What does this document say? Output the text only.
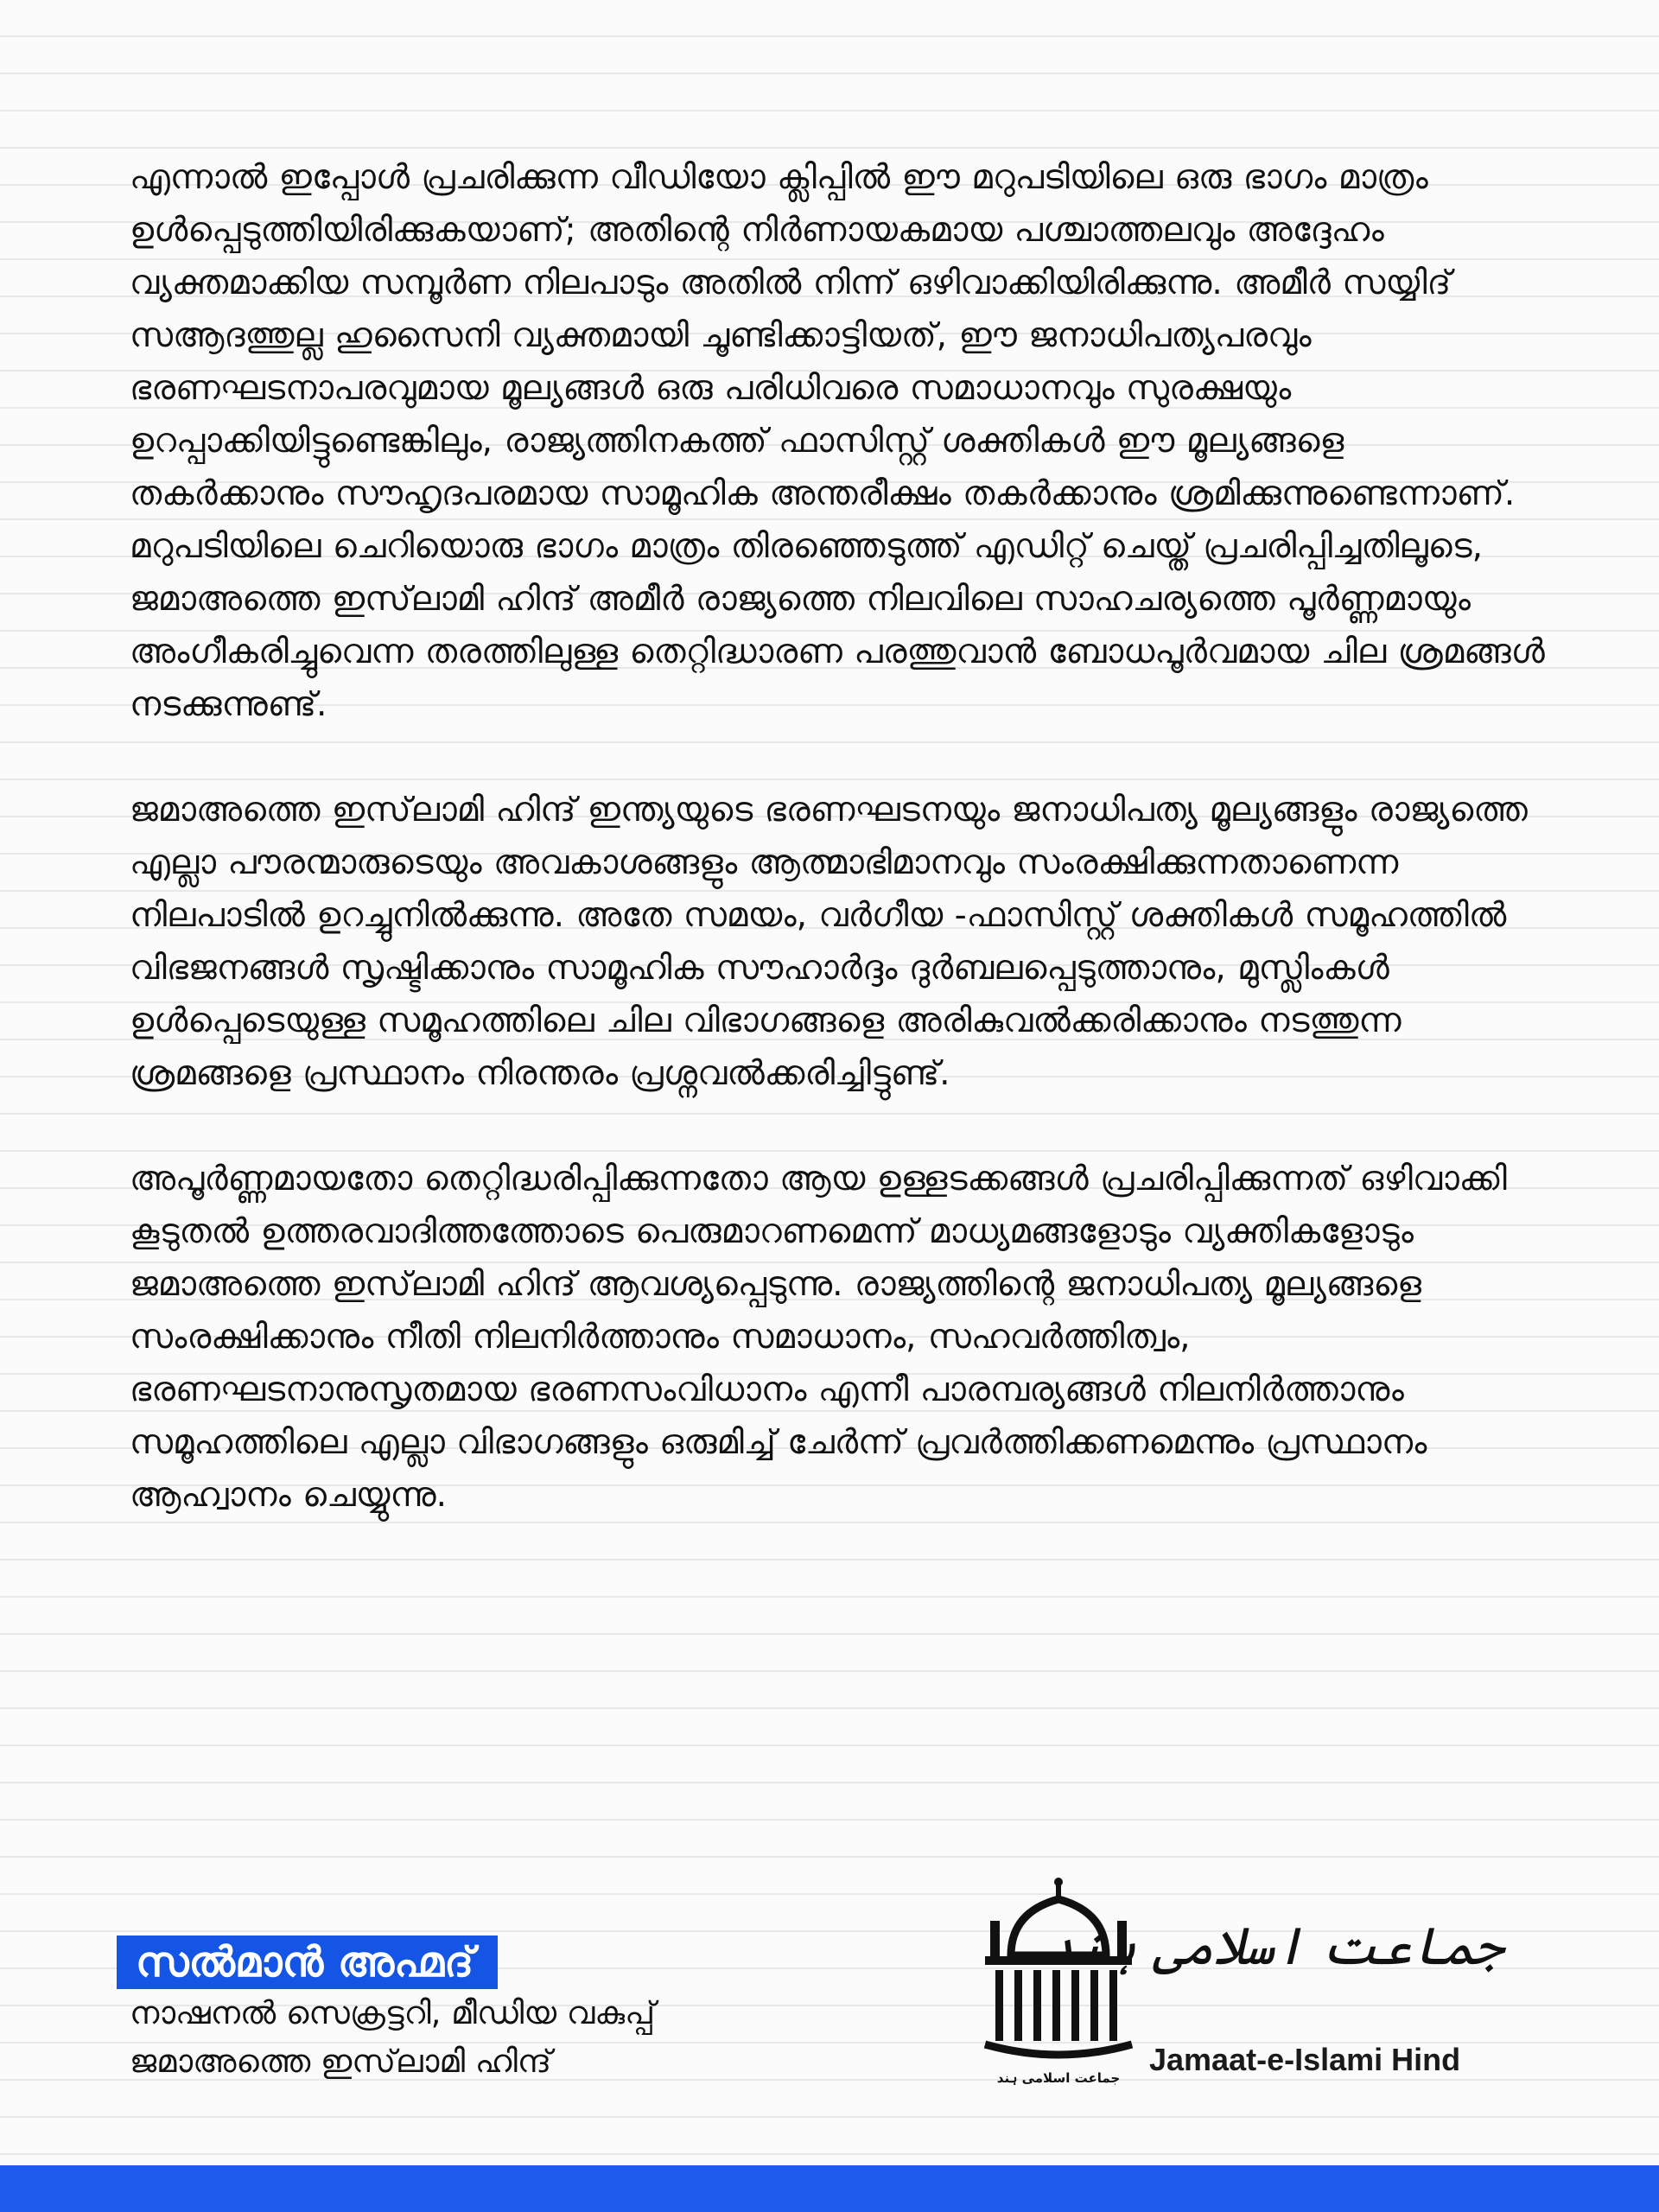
എന്നാൽ ഇപ്പോൾ പ്രചരിക്കുന്ന വീഡിയോ ക്ലിപ്പിൽ ഈ മറുപടിയിലെ ഒരു ഭാഗം മാത്രം ഉൾപ്പെടുത്തിയിരിക്കുകയാണ്; അതിന്റെ നിർണായകമായ പശ്ചാത്തലവും അദ്ദേഹം വ്യക്തമാക്കിയ സമ്പൂർണ നിലപാടും അതിൽ നിന്ന് ഒഴിവാക്കിയിരിക്കുന്നു. അമീർ സയ്യിദ് സആദത്തുല്ല ഹുസൈനി വ്യക്തമായി ചൂണ്ടിക്കാട്ടിയത്, ഈ ജനാധിപത്യപരവും ഭരണഘടനാപരവുമായ മൂല്യങ്ങൾ ഒരു പരിധിവരെ സമാധാനവും സുരക്ഷയും ഉറപ്പാക്കിയിട്ടുണ്ടെങ്കിലും, രാജ്യത്തിനകത്ത് ഫാസിസ്റ്റ് ശക്തികൾ ഈ മൂല്യങ്ങളെ തകർക്കാനും സൗഹൃദപരമായ സാമൂഹിക അന്തരീക്ഷം തകർക്കാനും ശ്രമിക്കുന്നുണ്ടെന്നാണ്. മറുപടിയിലെ ചെറിയൊരു ഭാഗം മാത്രം തിരഞ്ഞെടുത്ത് എഡിറ്റ് ചെയ്ത് പ്രചരിപ്പിച്ചതിലൂടെ, ജമാഅത്തെ ഇസ്‌ലാമി ഹിന്ദ് അമീർ രാജ്യത്തെ നിലവിലെ സാഹചര്യത്തെ പൂർണ്ണമായും അംഗീകരിച്ചുവെന്ന തരത്തിലുള്ള തെറ്റിദ്ധാരണ പരത്തുവാൻ ബോധപൂർവമായ ചില ശ്രമങ്ങൾ നടക്കുന്നുണ്ട്.

ജമാഅത്തെ ഇസ്‌ലാമി ഹിന്ദ് ഇന്ത്യയുടെ ഭരണഘടനയും ജനാധിപത്യ മൂല്യങ്ങളും രാജ്യത്തെ എല്ലാ പൗരന്മാരുടെയും അവകാശങ്ങളും ആത്മാഭിമാനവും സംരക്ഷിക്കുന്നതാണെന്ന നിലപാടിൽ ഉറച്ചുനിൽക്കുന്നു. അതേ സമയം, വർഗീയ -ഫാസിസ്റ്റ് ശക്തികൾ സമൂഹത്തിൽ വിഭജനങ്ങൾ സൃഷ്ടിക്കാനും സാമൂഹിക സൗഹാർദ്ദം ദുർബലപ്പെടുത്താനും, മുസ്ലിംകൾ ഉൾപ്പെടെയുള്ള സമൂഹത്തിലെ ചില വിഭാഗങ്ങളെ അരികുവൽക്കരിക്കാനും നടത്തുന്ന ശ്രമങ്ങളെ പ്രസ്ഥാനം നിരന്തരം പ്രശ്നവൽക്കരിച്ചിട്ടുണ്ട്.

അപൂർണ്ണമായതോ തെറ്റിദ്ധരിപ്പിക്കുന്നതോ ആയ ഉള്ളടക്കങ്ങൾ പ്രചരിപ്പിക്കുന്നത് ഒഴിവാക്കി കൂടുതൽ ഉത്തരവാദിത്തത്തോടെ പെരുമാറണമെന്ന് മാധ്യമങ്ങളോടും വ്യക്തികളോടും ജമാഅത്തെ ഇസ്‌ലാമി ഹിന്ദ് ആവശ്യപ്പെടുന്നു. രാജ്യത്തിന്റെ ജനാധിപത്യ മൂല്യങ്ങളെ സംരക്ഷിക്കാനും നീതി നിലനിർത്താനും സമാധാനം, സഹവർത്തിത്വം, ഭരണഘടനാനുസൃതമായ ഭരണസംവിധാനം എന്നീ പാരമ്പര്യങ്ങൾ നിലനിർത്താനും സമൂഹത്തിലെ എല്ലാ വിഭാഗങ്ങളും ഒരുമിച്ച് ചേർന്ന് പ്രവർത്തിക്കണമെന്നും പ്രസ്ഥാനം ആഹ്വാനം ചെയ്യുന്നു.

സൽമാൻ അഹ്മദ്
നാഷനൽ സെക്രട്ടറി, മീഡിയ വകുപ്പ്
ജമാഅത്തെ ഇസ്‌ലാമി ഹിന്ദ്	جماعت اسلامی ہند
جماعت اسلامی ہند
Jamaat-e-Islami Hind
